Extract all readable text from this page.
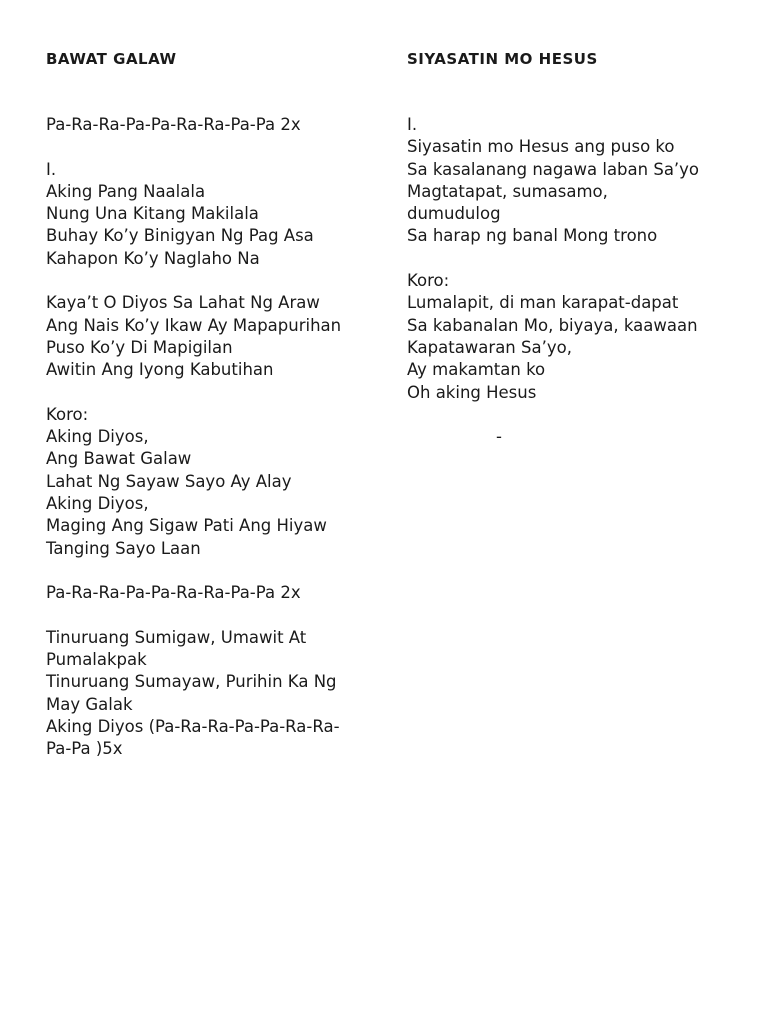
BAWAT GALAW
Pa-Ra-Ra-Pa-Pa-Ra-Ra-Pa-Pa 2x
I.
Aking Pang Naalala
Nung Una Kitang Makilala
Buhay Ko’y Binigyan Ng Pag Asa
Kahapon Ko’y Naglaho Na
Kaya’t O Diyos Sa Lahat Ng Araw
Ang Nais Ko’y Ikaw Ay Mapapurihan
Puso Ko’y Di Mapigilan
Awitin Ang Iyong Kabutihan
Koro:
Aking Diyos,
Ang Bawat Galaw
Lahat Ng Sayaw Sayo Ay Alay
Aking Diyos,
Maging Ang Sigaw Pati Ang Hiyaw
Tanging Sayo Laan
Pa-Ra-Ra-Pa-Pa-Ra-Ra-Pa-Pa 2x
Tinuruang Sumigaw, Umawit At
Pumalakpak
Tinuruang Sumayaw, Purihin Ka Ng
May Galak
Aking Diyos (Pa-Ra-Ra-Pa-Pa-Ra-Ra-
Pa-Pa )5x
SIYASATIN MO HESUS
I.
Siyasatin mo Hesus ang puso ko
Sa kasalanang nagawa laban Sa’yo
Magtatapat, sumasamo,
dumudulog
Sa harap ng banal Mong trono
Koro:
Lumalapit, di man karapat-dapat
Sa kabanalan Mo, biyaya, kaawaan
Kapatawaran Sa’yo,
Ay makamtan ko
Oh aking Hesus
-
